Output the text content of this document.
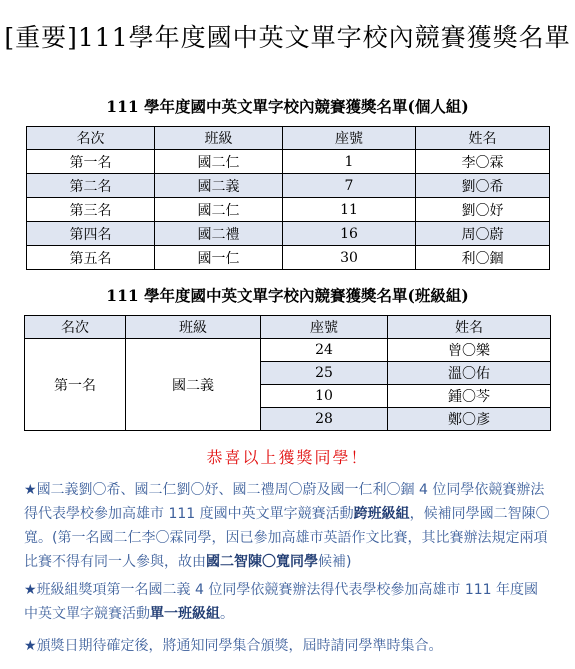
[重要]111學年度國中英文單字校內競賽獲獎名單
111 學年度國中英文單字校內競賽獲獎名單(個人組)
名次	班級	座號	姓名
第一名	國二仁	1	李〇霖
第二名	國二義	7	劉〇希
第三名	國二仁	11	劉〇妤
第四名	國二禮	16	周〇蔚
第五名	國一仁	30	利〇錮
111 學年度國中英文單字校內競賽獲獎名單(班級組)
名次	班級	座號	姓名
第一名	國二義	24	曾〇樂
		25	溫〇佑
		10	鍾〇芩
		28	鄭〇彥
恭喜以上獲獎同學！
★國二義劉〇希、國二仁劉〇妤、國二禮周〇蔚及國一仁利〇錮 4 位同學依競賽辦法得代表學校參加高雄市 111 度國中英文單字競賽活動跨班級組，候補同學國二智陳〇寬。(第一名國二仁李〇霖同學，因已參加高雄市英語作文比賽，其比賽辦法規定兩項比賽不得有同一人參與，故由國二智陳〇寬同學候補)
★班級組獎項第一名國二義 4 位同學依競賽辦法得代表學校參加高雄市 111 年度國中英文單字競賽活動單一班級組。
★頒獎日期待確定後，將通知同學集合頒獎，屆時請同學準時集合。
